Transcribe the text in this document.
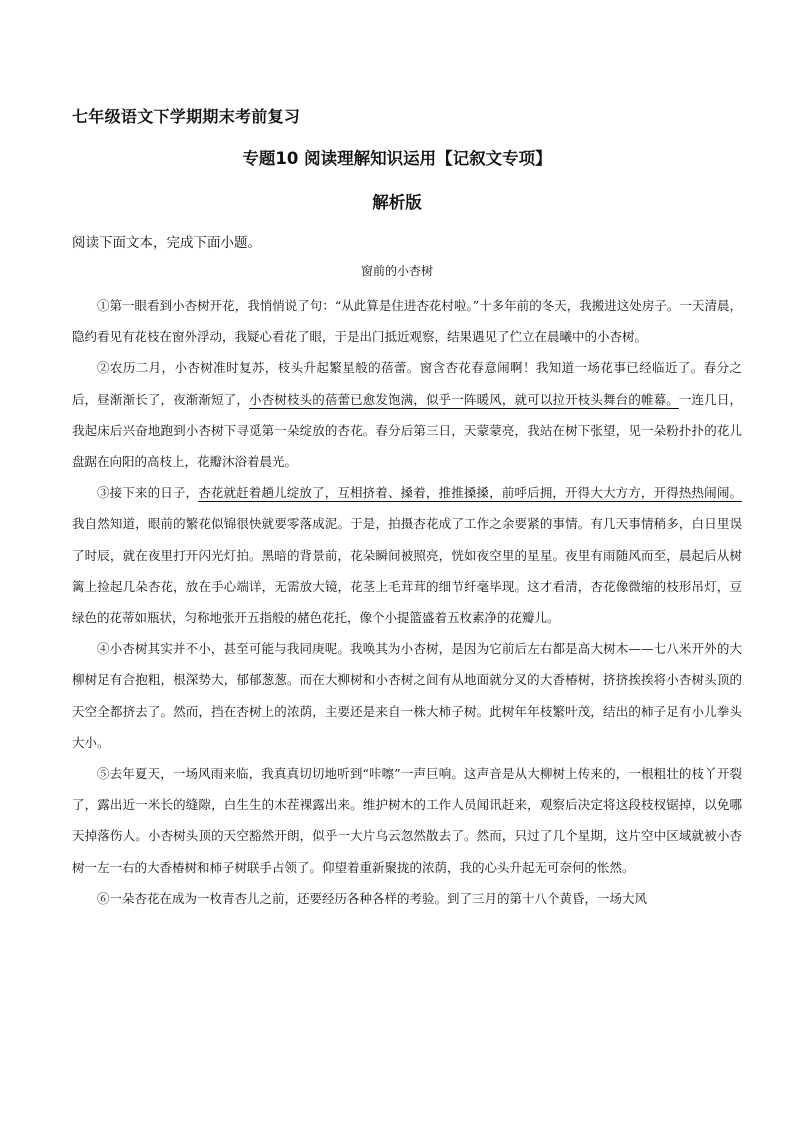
七年级语文下学期期末考前复习
专题10 阅读理解知识运用【记叙文专项】
解析版
阅读下面文本，完成下面小题。
窗前的小杏树

①第一眼看到小杏树开花，我悄悄说了句：“从此算是住进杏花村啦。”十多年前的冬天，我搬进这处房子。一天清晨，隐约看见有花枝在窗外浮动，我疑心看花了眼，于是出门抵近观察，结果遇见了伫立在晨曦中的小杏树。

②农历二月，小杏树准时复苏，枝头升起繁星般的蓓蕾。窗含杏花春意闹啊！我知道一场花事已经临近了。春分之后，昼渐渐长了，夜渐渐短了，小杏树枝头的蓓蕾已愈发饱满，似乎一阵暖风，就可以拉开枝头舞台的帷幕。一连几日，我起床后兴奋地跑到小杏树下寻觅第一朵绽放的杏花。春分后第三日，天蒙蒙亮，我站在树下张望，见一朵粉扑扑的花儿盘踞在向阳的高枝上，花瓣沐浴着晨光。

③接下来的日子，杏花就赶着趟儿绽放了，互相挤着、搡着，推推搡搡，前呼后拥，开得大大方方，开得热热闹闹。我自然知道，眼前的繁花似锦很快就要零落成泥。于是，拍摄杏花成了工作之余要紧的事情。有几天事情稍多，白日里误了时辰，就在夜里打开闪光灯拍。黑暗的背景前，花朵瞬间被照亮，恍如夜空里的星星。夜里有雨随风而至，晨起后从树篱上捡起几朵杏花，放在手心端详，无需放大镜，花茎上毛茸茸的细节纤毫毕现。这才看清，杏花像微缩的枝形吊灯，豆绿色的花蒂如瓶状，匀称地张开五指般的赭色花托，像个小提篮盛着五枚素净的花瓣儿。

④小杏树其实并不小，甚至可能与我同庚呢。我唤其为小杏树，是因为它前后左右都是高大树木——七八米开外的大柳树足有合抱粗，根深势大，郁郁葱葱。而在大柳树和小杏树之间有从地面就分叉的大香椿树，挤挤挨挨将小杏树头顶的天空全都挤去了。然而，挡在杏树上的浓荫，主要还是来自一株大柿子树。此树年年枝繁叶茂，结出的柿子足有小儿拳头大小。

⑤去年夏天，一场风雨来临，我真真切切地听到“咔嚓”一声巨响。这声音是从大柳树上传来的，一根粗壮的枝丫开裂了，露出近一米长的缝隙，白生生的木茬裸露出来。维护树木的工作人员闻讯赶来，观察后决定将这段枝杈锯掉，以免哪天掉落伤人。小杏树头顶的天空豁然开朗，似乎一大片乌云忽然散去了。然而，只过了几个星期，这片空中区域就被小杏树一左一右的大香椿树和柿子树联手占领了。仰望着重新聚拢的浓荫，我的心头升起无可奈何的怅然。

⑥一朵杏花在成为一枚青杏儿之前，还要经历各种各样的考验。到了三月的第十八个黄昏，一场大风
